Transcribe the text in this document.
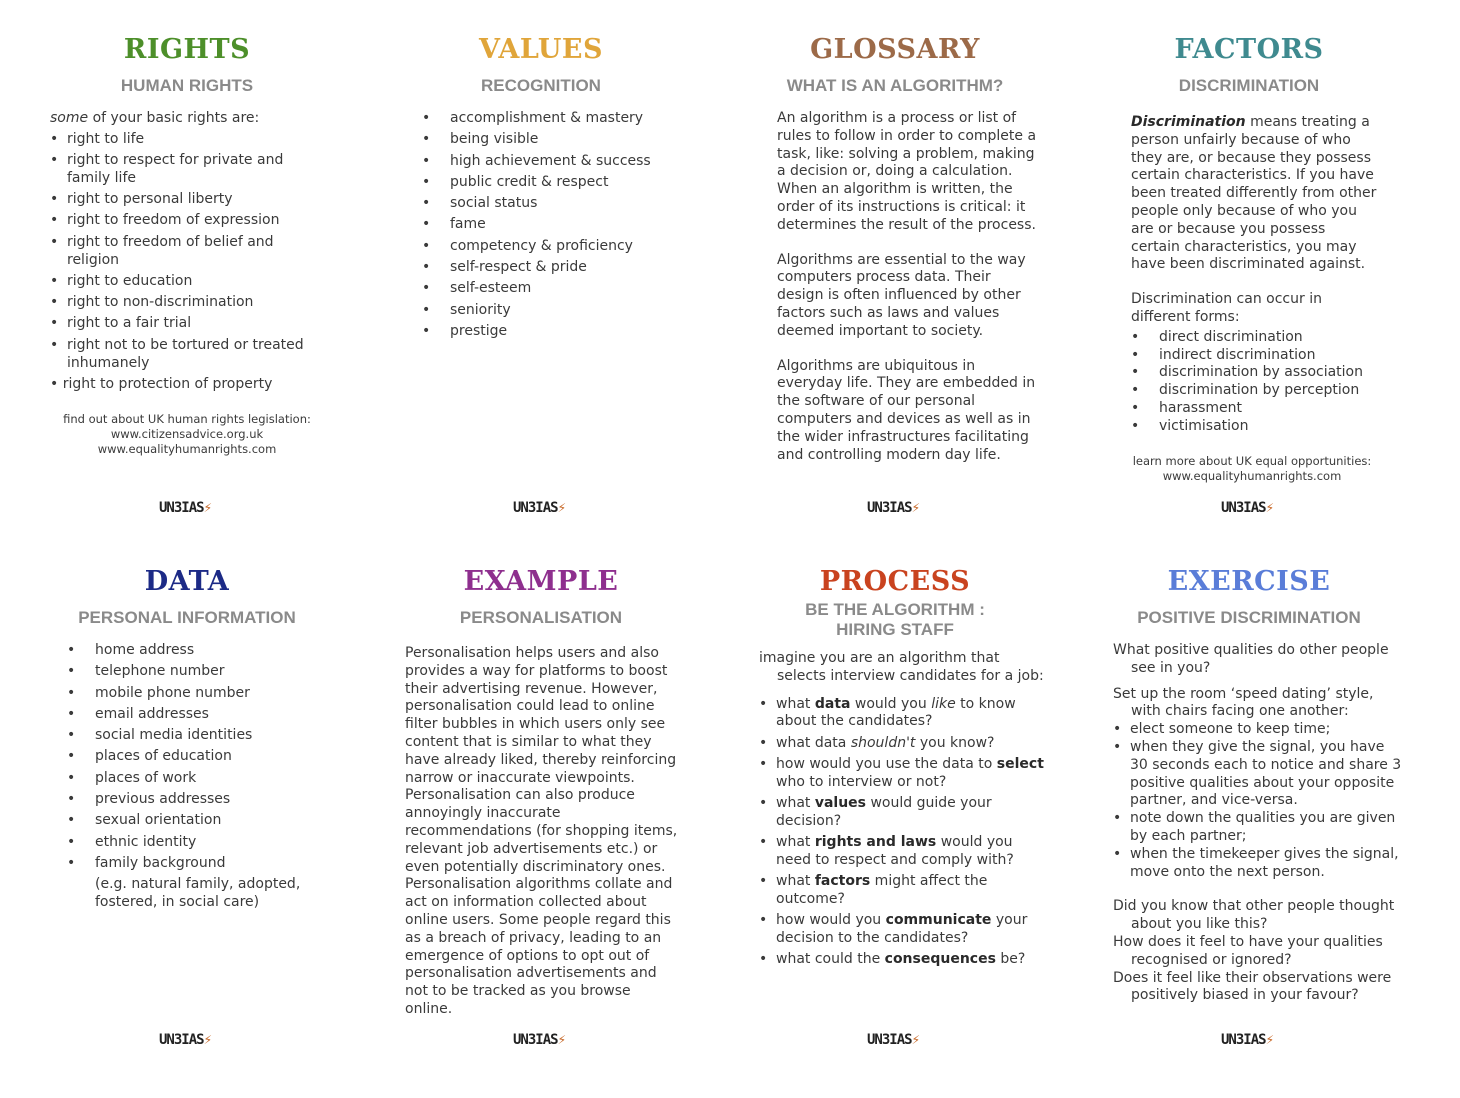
RIGHTS
HUMAN RIGHTS

some of your basic rights are:

• right to life
• right to respect for private and family life
• right to personal liberty
• right to freedom of expression
• right to freedom of belief and religion
• right to education
• right to non-discrimination
• right to a fair trial
• right not to be tortured or treated inhumanely

• right to protection of property

find out about UK human rights legislation:
www.citizensadvice.org.uk
www.equalityhumanrights.com
UN3IAS⚡
VALUES
RECOGNITION
• accomplishment & mastery
• being visible
• high achievement & success
• public credit & respect
• social status
• fame
• competency & proficiency
• self-respect & pride
• self-esteem
• seniority
• prestige
UN3IAS⚡
GLOSSARY
WHAT IS AN ALGORITHM?

An algorithm is a process or list of rules to follow in order to complete a task, like: solving a problem, making a decision or, doing a calculation. When an algorithm is written, the order of its instructions is critical: it determines the result of the process.

Algorithms are essential to the way computers process data. Their design is often influenced by other factors such as laws and values deemed important to society.

Algorithms are ubiquitous in everyday life. They are embedded in the software of our personal computers and devices as well as in the wider infrastructures facilitating and controlling modern day life.

UN3IAS⚡
FACTORS
DISCRIMINATION

Discrimination means treating a person unfairly because of who they are, or because they possess certain characteristics. If you have been treated differently from other people only because of who you are or because you possess certain characteristics, you may have been discriminated against.

Discrimination can occur in different forms:

• direct discrimination
• indirect discrimination
• discrimination by association
• discrimination by perception
• harassment
• victimisation
learn more about UK equal opportunities:
www.equalityhumanrights.com
UN3IAS⚡
DATA
PERSONAL INFORMATION
• home address
• telephone number
• mobile phone number
• email addresses
• social media identities
• places of education
• places of work
• previous addresses
• sexual orientation
• ethnic identity
• family background

(e.g. natural family, adopted, fostered, in social care)

UN3IAS⚡
EXAMPLE
PERSONALISATION

Personalisation helps users and also provides a way for platforms to boost their advertising revenue. However, personalisation could lead to online filter bubbles in which users only see content that is similar to what they have already liked, thereby reinforcing narrow or inaccurate viewpoints. Personalisation can also produce annoyingly inaccurate recommendations (for shopping items, relevant job advertisements etc.) or even potentially discriminatory ones. Personalisation algorithms collate and act on information collected about online users. Some people regard this as a breach of privacy, leading to an emergence of options to opt out of personalisation advertisements and not to be tracked as you browse online.

UN3IAS⚡
PROCESS
BE THE ALGORITHM :
HIRING STAFF

imagine you are an algorithm that selects interview candidates for a job:

• what data would you like to know about the candidates?
• what data shouldn't you know?
• how would you use the data to select who to interview or not?
• what values would guide your decision?
• what rights and laws would you need to respect and comply with?
• what factors might affect the outcome?
• how would you communicate your decision to the candidates?
• what could the consequences be?
UN3IAS⚡
EXERCISE
POSITIVE DISCRIMINATION

What positive qualities do other people see in you?

Set up the room ‘speed dating’ style, with chairs facing one another:

• elect someone to keep time;
• when they give the signal, you have 30 seconds each to notice and share 3 positive qualities about your opposite partner, and vice-versa.
• note down the qualities you are given by each partner;
• when the timekeeper gives the signal, move onto the next person.

Did you know that other people thought about you like this?

How does it feel to have your qualities recognised or ignored?

Does it feel like their observations were positively biased in your favour?

UN3IAS⚡
